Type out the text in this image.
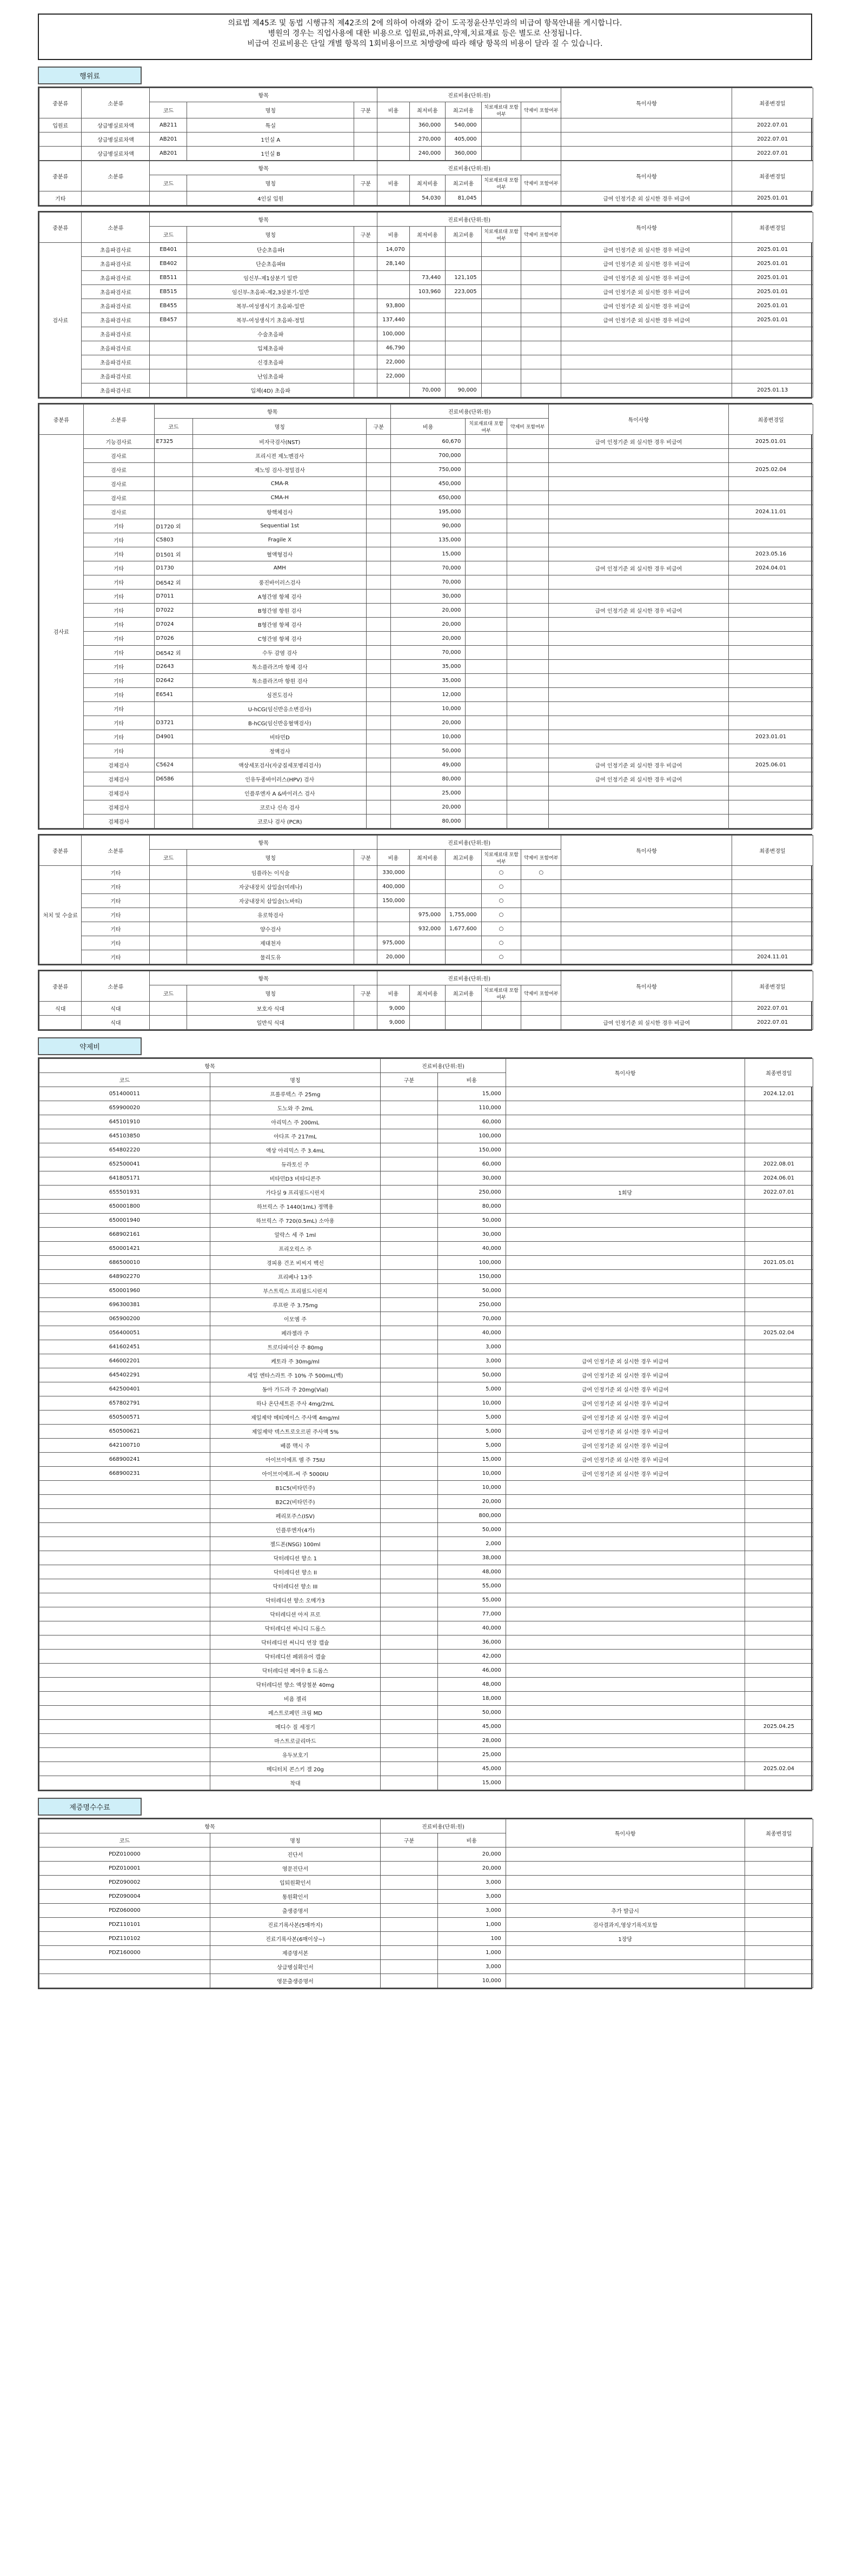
의료법 제45조 및 동법 시행규칙 제42조의 2에 의하여 아래와 같이 도곡정윤산부인과의 비급여 항목안내를 게시합니다.
병원의 경우는 직업사용에 대한 비용으로 입원료,마취료,약제,치료재료 등은 별도로 산정됩니다.
비급여 진료비용은 단일 개별 항목의 1회비용이므로 처방량에 따라 해당 항목의 비용이 달라 질 수 있습니다.
행위료
중분류	소분류	항목			진료비용(단위:원)					특이사항	최종변경일
		코드	명칭	구분	비용	최저비용	최고비용	치료재료대 포함여부	약제비 포함여부		
입원료	상급병실료차액	AB211	특실			360,000	540,000				2022.07.01
	상급병실료차액	AB201	1인실 A			270,000	405,000				2022.07.01
	상급병실료차액	AB201	1인실 B			240,000	360,000				2022.07.01
중분류	소분류	항목			진료비용(단위:원)					특이사항	최종변경일
		코드	명칭	구분	비용	최저비용	최고비용	치료재료대 포함여부	약제비 포함여부		
기타			4인실 입원			54,030	81,045			급여 인정기준 외 실시한 경우 비급여	2025.01.01
중분류	소분류	항목			진료비용(단위:원)					특이사항	최종변경일
		코드	명칭	구분	비용	최저비용	최고비용	치료재료대 포함여부	약제비 포함여부		
검사료	초음파검사료	EB401	단순초음파I		14,070					급여 인정기준 외 실시한 경우 비급여	2025.01.01
	초음파검사료	EB402	단순초음파II		28,140					급여 인정기준 외 실시한 경우 비급여	2025.01.01
	초음파검사료	EB511	임신부-제1삼분기 일반			73,440	121,105			급여 인정기준 외 실시한 경우 비급여	2025.01.01
	초음파검사료	EB515	임신부-초음파-제2,3삼분기-일반			103,960	223,005			급여 인정기준 외 실시한 경우 비급여	2025.01.01
	초음파검사료	EB455	복부-여성생식기 초음파-일반		93,800					급여 인정기준 외 실시한 경우 비급여	2025.01.01
	초음파검사료	EB457	복부-여성생식기 초음파-정밀		137,440					급여 인정기준 외 실시한 경우 비급여	2025.01.01
	초음파검사료		수술초음파		100,000						
	초음파검사료		입체초음파		46,790						
	초음파검사료		신경초음파		22,000						
	초음파검사료		난임초음파		22,000						
	초음파검사료		입체(4D) 초음파			70,000	90,000				2025.01.13
중분류	소분류	항목			진료비용(단위:원)			특이사항	최종변경일
		코드	명칭	구분	비용	치료재료대 포함여부	약제비 포함여부		
검사료	기능검사료	E7325	비자극검사(NST)		60,670			급여 인정기준 외 실시한 경우 비급여	2025.01.01
	검사료		프리시젼 제노멘검사		700,000				
	검사료		제노밍 검사-정밀검사		750,000				2025.02.04
	검사료		CMA-R		450,000				
	검사료		CMA-H		650,000				
	검사료		항핵체검사		195,000				2024.11.01
	기타	D1720 외	Sequential 1st		90,000				
	기타	C5803	Fragile X		135,000				
	기타	D1501 외	혈액형검사		15,000				2023.05.16
	기타	D1730	AMH		70,000			급여 인정기준 외 실시한 경우 비급여	2024.04.01
	기타	D6542 외	풍진바이러스검사		70,000				
	기타	D7011	A형간염 항체 검사		30,000				
	기타	D7022	B형간염 항원 검사		20,000			급여 인정기준 외 실시한 경우 비급여	
	기타	D7024	B형간염 항체 검사		20,000				
	기타	D7026	C형간염 항체 검사		20,000				
	기타	D6542 외	수두 감염 검사		70,000				
	기타	D2643	톡소플라즈마 항체 검사		35,000				
	기타	D2642	톡소플라즈마 항원 검사		35,000				
	기타	E6541	심전도검사		12,000				
	기타		U-hCG(임신반응소변검사)		10,000				
	기타	D3721	B-hCG(임신반응혈액검사)		20,000				
	기타	D4901	비타민D		10,000				2023.01.01
	기타		정액검사		50,000				
	검체검사	C5624	액상세포검사(자궁질세포병리검사)		49,000			급여 인정기준 외 실시한 경우 비급여	2025.06.01
	검체검사	D6586	인유두종바이러스(HPV) 검사		80,000			급여 인정기준 외 실시한 경우 비급여	
	검체검사		인플루엔자 A &바이러스 검사		25,000				
	검체검사		코로나 신속 검사		20,000				
	검체검사		코로나 검사 (PCR)		80,000				
중분류	소분류	항목			진료비용(단위:원)					특이사항	최종변경일
		코드	명칭	구분	비용	최저비용	최고비용	치료재료대 포함여부	약제비 포함여부		
처치 및 수술료	기타		임플라논 이식술		330,000			○	○		
	기타		자궁내장치 삽입술(미레나)		400,000			○			
	기타		자궁내장치 삽입술(노바티)		150,000			○			
	기타		유로학검사			975,000	1,755,000	○			
	기타		양수검사			932,000	1,677,600	○			
	기타		제대천자		975,000			○			
	기타		물리도유		20,000			○			2024.11.01
중분류	소분류	항목			진료비용(단위:원)					특이사항	최종변경일
		코드	명칭	구분	비용	최저비용	최고비용	치료재료대 포함여부	약제비 포함여부		
식대	식대		보호자 식대		9,000						2022.07.01
	식대		일반식 식대		9,000					급여 인정기준 외 실시한 경우 비급여	2022.07.01
약제비
항목		진료비용(단위:원)		특이사항	최종변경일
코드	명칭	구분	비용		
051400011	프롤루텍스 주 25mg		15,000		2024.12.01
659900020	도노와 주 2mL		110,000		
645101910	아리믹스 주 200mL		60,000		
645103850	아다프 주 217mL		100,000		
654802220	액상 아리믹스 주 3.4mL		150,000		
652500041	듀라토신 주		60,000		2022.08.01
641805171	비타민D3 비타디콘주		30,000		2024.06.01
655501931	가다실 9 프리필드시린지		250,000	1회당	2022.07.01
650001800	하브릭스 주 1440(1mL) 정맥용		80,000		
650001940	하브릭스 주 720(0.5mL) 소아용		50,000		
668902161	알락스 세 주 1ml		30,000		
650001421	프리오릭스 주		40,000		
686500010	경피용 건조 비씨지 백신		100,000		2021.05.01
648902270	프리베나 13주		150,000		
650001960	부스트릭스 프리필드시린지		50,000		
696300381	루프란 주 3.75mg		250,000		
065900200	이모엠 주		70,000		
056400051	페라젤라 주		40,000		2025.02.04
641602451	트로다파이산 주 80mg		3,000		
646002201	케토라 주 30mg/ml		3,000	급여 인정기준 외 실시한 경우 비급여	
645402291	세일 엔타스라트 주 10% 주 500mL(백)		50,000	급여 인정기준 외 실시한 경우 비급여	
642500401	동아 가드라 주 20mg(Vial)		5,000	급여 인정기준 외 실시한 경우 비급여	
657802791	하나 온단세트론 주사 4mg/2mL		10,000	급여 인정기준 외 실시한 경우 비급여	
650500571	제일제약 메티메이스 주사액 4mg/ml		5,000	급여 인정기준 외 실시한 경우 비급여	
650500621	제일제약 덱스트로오르핀 주사액 5%		5,000	급여 인정기준 외 실시한 경우 비급여	
642100710	베콤 맥시 주		5,000	급여 인정기준 외 실시한 경우 비급여	
668900241	아이브이에프 엠 주 75IU		15,000	급여 인정기준 외 실시한 경우 비급여	
668900231	아이브이에프-씨 주 5000IU		10,000	급여 인정기준 외 실시한 경우 비급여	
	B1C5(비타민주)		10,000		
	B2C2(비타민주)		20,000		
	페리포주스(ISV)		800,000		
	인플루엔자(4가)		50,000		
	젤드폰(NSG) 100ml		2,000		
	닥터레디션 향소 1		38,000		
	닥터레디션 향소 II		48,000		
	닥터레디션 향소 III		55,000		
	닥터레디션 향소 오메가3		55,000		
	닥터레디션 아저 프로		77,000		
	닥터레디션 써니디 드롭스		40,000		
	닥터레디션 써니디 연장 캡슐		36,000		
	닥터레디션 페위유어 캡슐		42,000		
	닥터레디션 페어우 ß 드롭스		46,000		
	닥터레디션 향소 액상철분 40mg		48,000		
	비욤 젤리		18,000		
	페스트로페민 크림 MD		50,000		
	메디수 질 세정기		45,000		2025.04.25
	마스트로글리마드		28,000		
	유두보호기		25,000		
	메디터치 콘스키 겔 20g		45,000		2025.02.04
	착대		15,000		
제증명수수료
항목		진료비용(단위:원)		특이사항	최종변경일
코드	명칭	구분	비용		
PDZ010000	진단서		20,000		
PDZ010001	영문진단서		20,000		
PDZ090002	입퇴원확인서		3,000		
PDZ090004	통원확인서		3,000		
PDZ060000	출생증명서		3,000	추가 발급시	
PDZ110101	진료기록사본(5매까지)		1,000	검사결과지,영상기록지포함	
PDZ110102	진료기록사본(6매이상~)		100	1장당	
PDZ160000	제증명서본		1,000		
	상급병실확인서		3,000		
	영문출생증명서		10,000		
